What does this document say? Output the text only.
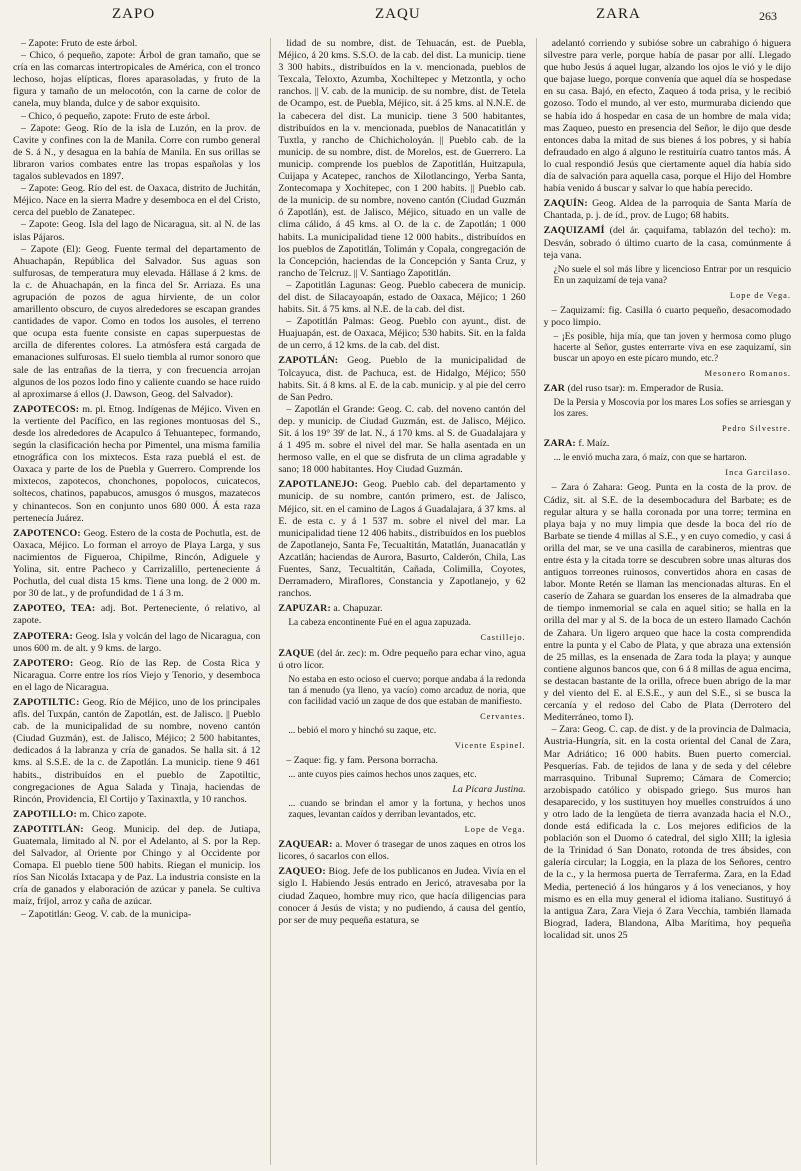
ZAPO	ZAQU	ZARA	263

– Zapote: Fruto de este árbol.

– Chico, ó pequeño, zapote: Árbol de gran tamaño, que se cría en las comarcas intertropicales de América, con el tronco lechoso, hojas elípticas, flores aparasoladas, y fruto de la figura y tamaño de un melocotón, con la carne de color de canela, muy blanda, dulce y de sabor exquisito.

– Chico, ó pequeño, zapote: Fruto de este árbol.

– Zapote: Geog. Río de la isla de Luzón, en la prov. de Cavite y confines con la de Manila. Corre con rumbo general de S. á N., y desagua en la bahía de Manila. En sus orillas se libraron varios combates entre las tropas españolas y los tagalos sublevados en 1897.

– Zapote: Geog. Río del est. de Oaxaca, distrito de Juchitán, Méjico. Nace en la sierra Madre y desemboca en el del Cristo, cerca del pueblo de Zanatepec.

– Zapote: Geog. Isla del lago de Nicaragua, sit. al N. de las islas Pájaros.

– Zapote (El): Geog. Fuente termal del departamento de Ahuachapán, República del Salvador. Sus aguas son sulfurosas, de temperatura muy elevada. Hállase á 2 kms. de la c. de Ahuachapán, en la finca del Sr. Arriaza. Es una agrupación de pozos de agua hirviente, de un color amarillento obscuro, de cuyos alrededores se escapan grandes cantidades de vapor. Como en todos los ausoles, el terreno que ocupa esta fuente consiste en capas superpuestas de arcilla de diferentes colores. La atmósfera está cargada de emanaciones sulfurosas. El suelo tiembla al rumor sonoro que sale de las entrañas de la tierra, y con frecuencia arrojan algunos de los pozos lodo fino y caliente cuando se hace ruido al aproximarse á ellos (J. Dawson, Geog. del Salvador).

ZAPOTECOS: m. pl. Etnog. Indígenas de Méjico. Viven en la vertiente del Pacífico, en las regiones montuosas del S., desde los alrededores de Acapulco á Tehuantepec, formando, según la clasificación hecha por Pimentel, una misma familia etnográfica con los mixtecos. Esta raza pueblá el est. de Oaxaca y parte de los de Puebla y Guerrero. Comprende los mixtecos, zapotecos, chonchones, popolocos, cuicatecos, soltecos, chatinos, papabucos, amusgos ó musgos, mazatecos y chinantecos. Son en conjunto unos 680 000. Á esta raza pertenecía Juárez.

ZAPOTENCO: Geog. Estero de la costa de Pochutla, est. de Oaxaca, Méjico. Lo forman el arroyo de Playa Larga, y sus nacimientos de Figueroa, Chipilme, Rincón, Adiguele y Yolina, sit. entre Pacheco y Carrizalillo, perteneciente á Pochutla, del cual dista 15 kms. Tiene una long. de 2 000 m. por 30 de lat., y de profundidad de 1 á 3 m.

ZAPOTEO, TEA: adj. Bot. Perteneciente, ó relativo, al zapote.

ZAPOTERA: Geog. Isla y volcán del lago de Nicaragua, con unos 600 m. de alt. y 9 kms. de largo.

ZAPOTERO: Geog. Río de las Rep. de Costa Rica y Nicaragua. Corre entre los ríos Viejo y Tenorio, y desemboca en el lago de Nicaragua.

ZAPOTILTIC: Geog. Río de Méjico, uno de los principales afls. del Tuxpán, cantón de Zapotlán, est. de Jalisco. || Pueblo cab. de la municipalidad de su nombre, noveno cantón (Ciudad Guzmán), est. de Jalisco, Méjico; 2 500 habitantes, dedicados á la labranza y cría de ganados. Se halla sit. á 12 kms. al S.S.E. de la c. de Zapotlán. La municip. tiene 9 461 habits., distribuídos en el pueblo de Zapotiltic, congregaciones de Agua Salada y Tinaja, haciendas de Rincón, Providencia, El Cortijo y Taxinaxtla, y 10 ranchos.

ZAPOTILLO: m. Chico zapote.

ZAPOTITLÁN: Geog. Municip. del dep. de Jutiapa, Guatemala, limitado al N. por el Adelanto, al S. por la Rep. del Salvador, al Oriente por Chingo y al Occidente por Comapa. El pueblo tiene 500 habits. Riegan el municip. los ríos San Nicolás Ixtacapa y de Paz. La industria consiste en la cría de ganados y elaboración de azúcar y panela. Se cultiva maíz, fríjol, arroz y caña de azúcar.

– Zapotitlán: Geog. V. cab. de la municipa-

lidad de su nombre, dist. de Tehuacán, est. de Puebla, Méjico, á 20 kms. S.S.O. de la cab. del dist. La municip. tiene 3 300 habits., distribuídos en la v. mencionada, pueblos de Texcala, Teloxto, Azumba, Xochiltepec y Metzontla, y ocho ranchos. || V. cab. de la municip. de su nombre, dist. de Tetela de Ocampo, est. de Puebla, Méjico, sit. á 25 kms. al N.N.E. de la cabecera del dist. La municip. tiene 3 500 habitantes, distribuídos en la v. mencionada, pueblos de Nanacatitlán y Tuxtla, y rancho de Chichicholoyán. || Pueblo cab. de la municip. de su nombre, dist. de Morelos, est. de Guerrero. La municip. comprende los pueblos de Zapotitlán, Huitzapula, Cuijapa y Acatepec, ranchos de Xilotlancingo, Yerba Santa, Zontecomapa y Xochitepec, con 1 200 habits. || Pueblo cab. de la municip. de su nombre, noveno cantón (Ciudad Guzmán ó Zapotlán), est. de Jalisco, Méjico, situado en un valle de clima cálido, á 45 kms. al O. de la c. de Zapotlán; 1 000 habits. La municipalidad tiene 12 000 habits., distribuídos en los pueblos de Zapotitlán, Tolimán y Copala, congregación de la Concepción, haciendas de la Concepción y Santa Cruz, y rancho de Telcruz. || V. Santiago Zapotitlán.

– Zapotitlán Lagunas: Geog. Pueblo cabecera de municip. del dist. de Silacayoapán, estado de Oaxaca, Méjico; 1 260 habits. Sit. á 75 kms. al N.E. de la cab. del dist.

– Zapotitlán Palmas: Geog. Pueblo con ayunt., dist. de Huajuapán, est. de Oaxaca, Méjico; 530 habits. Sit. en la falda de un cerro, á 12 kms. de la cab. del dist.

ZAPOTLÁN: Geog. Pueblo de la municipalidad de Tolcayuca, dist. de Pachuca, est. de Hidalgo, Méjico; 550 habits. Sit. á 8 kms. al E. de la cab. municip. y al pie del cerro de San Pedro.

– Zapotlán el Grande: Geog. C. cab. del noveno cantón del dep. y municip. de Ciudad Guzmán, est. de Jalisco, Méjico. Sit. á los 19° 39' de lat. N., á 170 kms. al S. de Guadalajara y á 1 495 m. sobre el nivel del mar. Se halla asentada en un hermoso valle, en el que se disfruta de un clima agradable y sano; 18 000 habitantes. Hoy Ciudad Guzmán.

ZAPOTLANEJO: Geog. Pueblo cab. del departamento y municip. de su nombre, cantón primero, est. de Jalisco, Méjico, sit. en el camino de Lagos á Guadalajara, á 37 kms. al E. de esta c. y á 1 537 m. sobre el nivel del mar. La municipalidad tiene 12 406 habits., distribuídos en los pueblos de Zapotlanejo, Santa Fe, Tecualtitán, Matatlán, Juanacatlán y Azcatlán; haciendas de Aurora, Basurto, Calderón, Chila, Las Fuentes, Sanz, Tecualtitán, Cañada, Colimilla, Coyotes, Derramadero, Miraflores, Constancia y Zapotlanejo, y 62 ranchos.

ZAPUZAR: a. Chapuzar.

La cabeza encontinente Fué en el agua zapuzada.

Castillejo.

ZAQUE (del ár. zec): m. Odre pequeño para echar vino, agua ú otro licor.

No estaba en esto ocioso el cuervo; porque andaba á la redonda tan á menudo (ya lleno, ya vacío) como arcaduz de noria, que con facilidad vació un zaque de dos que estaban de manifiesto.

Cervantes.

... bebió el moro y hinchó su zaque, etc.

Vicente Espinel.

– Zaque: fig. y fam. Persona borracha.

... ante cuyos pies caímos hechos unos zaques, etc.

La Pícara Justina.

... cuando se brindan el amor y la fortuna, y hechos unos zaques, levantan caídos y derriban levantados, etc.

Lope de Vega.

ZAQUEAR: a. Mover ó trasegar de unos zaques en otros los licores, ó sacarlos con ellos.

ZAQUEO: Biog. Jefe de los publicanos en Judea. Vivía en el siglo I. Habiendo Jesús entrado en Jericó, atravesaba por la ciudad Zaqueo, hombre muy rico, que hacía diligencias para conocer á Jesús de vista; y no pudiendo, á causa del gentío, por ser de muy pequeña estatura, se

adelantó corriendo y subióse sobre un cabrahigo ó higuera silvestre para verle, porque había de pasar por allí. Llegado que hubo Jesús á aquel lugar, alzando los ojos le vió y le dijo que bajase luego, porque convenía que aquel día se hospedase en su casa. Bajó, en efecto, Zaqueo á toda prisa, y le recibió gozoso. Todo el mundo, al ver esto, murmuraba diciendo que se había ido á hospedar en casa de un hombre de mala vida; mas Zaqueo, puesto en presencia del Señor, le dijo que desde entonces daba la mitad de sus bienes á los pobres, y si había defraudado en algo á alguno le restituiría cuatro tantos más. Á lo cual respondió Jesús que ciertamente aquel día había sido día de salvación para aquella casa, porque el Hijo del Hombre había venido á buscar y salvar lo que había perecido.

ZAQUÍN: Geog. Aldea de la parroquia de Santa María de Chantada, p. j. de íd., prov. de Lugo; 68 habits.

ZAQUIZAMÍ (del ár. çaquifama, tablazón del techo): m. Desván, sobrado ó último cuarto de la casa, comúnmente á teja vana.

¿No suele el sol más libre y licencioso Entrar por un resquicio En un zaquizamí de teja vana?

Lope de Vega.

– Zaquizamí: fig. Casilla ó cuarto pequeño, desacomodado y poco limpio.

– ¡Es posible, hija mía, que tan joven y hermosa como plugo hacerte al Señor, gustes enterrarte viva en ese zaquizamí, sin buscar un apoyo en este pícaro mundo, etc.?

Mesonero Romanos.

ZAR (del ruso tsar): m. Emperador de Rusia.

De la Persia y Moscovia por los mares Los sofíes se arriesgan y los zares.

Pedro Silvestre.

ZARA: f. Maíz.

... le envió mucha zara, ó maíz, con que se hartaron.

Inca Garcilaso.

– Zara ó Zahara: Geog. Punta en la costa de la prov. de Cádiz, sit. al S.E. de la desembocadura del Barbate; es de regular altura y se halla coronada por una torre; termina en playa baja y no muy limpia que desde la boca del río de Barbate se tiende 4 millas al S.E., y en cuyo comedio, y casi á orilla del mar, se ve una casilla de carabineros, mientras que entre ésta y la citada torre se descubren sobre unas alturas dos antiguos torreones ruinosos, convertidos ahora en casas de labor. Monte Retén se llaman las mencionadas alturas. En el caserío de Zahara se guardan los enseres de la almadraba que de tiempo inmemorial se cala en aquel sitio; se halla en la orilla del mar y al S. de la boca de un estero llamado Cachón de Zahara. Un ligero arqueo que hace la costa comprendida entre la punta y el Cabo de Plata, y que abraza una extensión de 25 millas, es la ensenada de Zara toda la playa; y aunque contiene algunos bancos que, con 6 á 8 millas de agua encima, se destacan bastante de la orilla, ofrece buen abrigo de la mar y del viento del E. al E.S.E., y aun del S.E., si se busca la cercanía y el redoso del Cabo de Plata (Derrotero del Mediterráneo, tomo I).

– Zara: Geog. C. cap. de dist. y de la provincia de Dalmacia, Austria-Hungría, sit. en la costa oriental del Canal de Zara, Mar Adriático; 16 000 habits. Buen puerto comercial. Pesquerías. Fab. de tejidos de lana y de seda y del célebre marrasquino. Tribunal Supremo; Cámara de Comercio; arzobispado católico y obispado griego. Sus muros han desaparecido, y los sustituyen hoy muelles construídos á uno y otro lado de la lengüeta de tierra avanzada hacia el N.O., donde está edificada la c. Los mejores edificios de la población son el Duomo ó catedral, del siglo XIII; la iglesia de la Trinidad ó San Donato, rotonda de tres ábsides, con galería circular; la Loggia, en la plaza de los Señores, centro de la c., y la hermosa puerta de Terraferma. Zara, en la Edad Media, perteneció á los húngaros y á los venecianos, y hoy mismo es en ella muy general el idioma italiano. Sustituyó á la antigua Zara, Zara Vieja ó Zara Vecchia, también llamada Biograd, Iadera, Blandona, Alba Marítima, hoy pequeña localidad sit. unos 25
